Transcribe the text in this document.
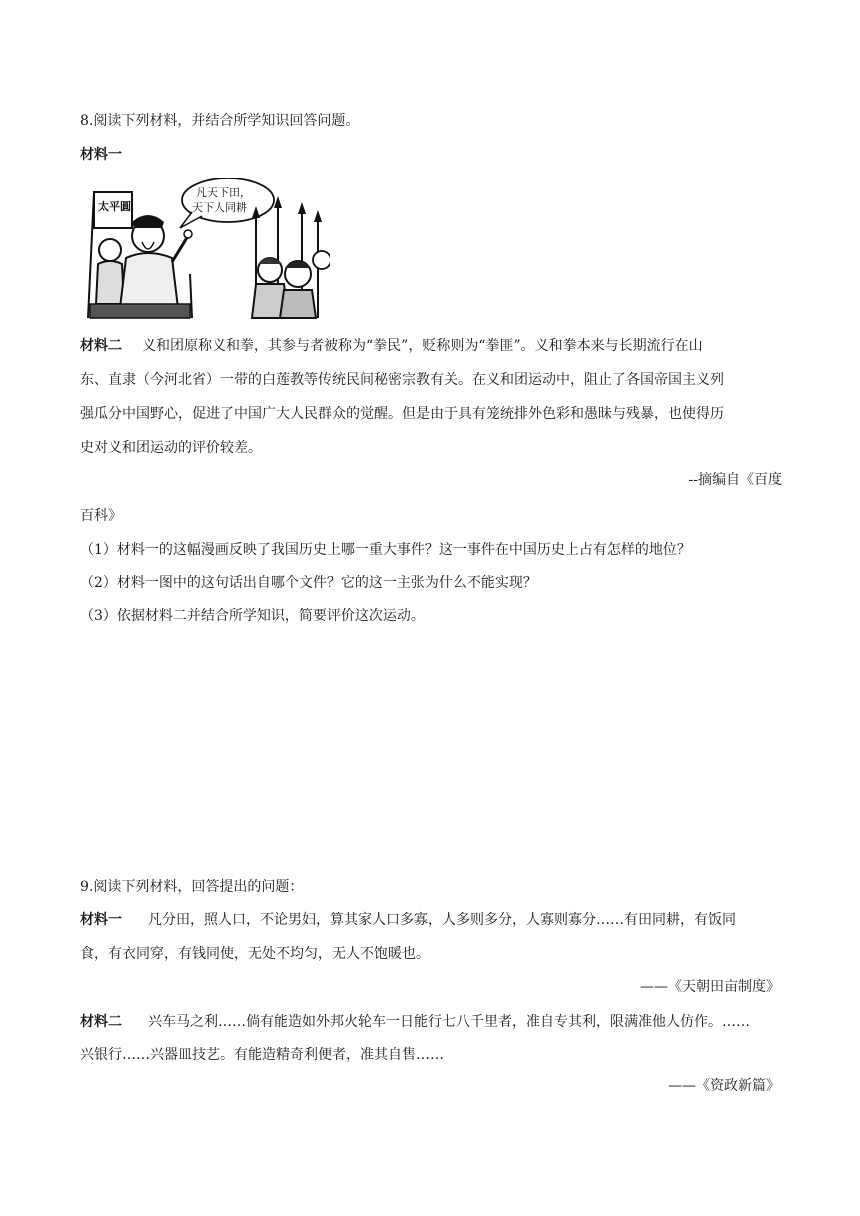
8.阅读下列材料，并结合所学知识回答问题。
材料一
太平圓
凡天下田，
天下人同耕
材料二 义和团原称义和拳，其参与者被称为“拳民”，贬称则为“拳匪”。义和拳本来与长期流行在山
东、直隶（今河北省）一带的白莲教等传统民间秘密宗教有关。在义和团运动中，阻止了各国帝国主义列
强瓜分中国野心，促进了中国广大人民群众的觉醒。但是由于具有笼统排外色彩和愚昧与残暴，也使得历
史对义和团运动的评价较差。
--摘编自《百度
百科》
（1）材料一的这幅漫画反映了我国历史上哪一重大事件？这一事件在中国历史上占有怎样的地位？
（2）材料一图中的这句话出自哪个文件？它的这一主张为什么不能实现？
（3）依据材料二并结合所学知识，简要评价这次运动。
9.阅读下列材料，回答提出的问题：
材料一 凡分田，照人口，不论男妇，算其家人口多寡，人多则多分，人寡则寡分……有田同耕，有饭同
食，有衣同穿，有钱同使，无处不均匀，无人不饱暖也。
——《天朝田亩制度》
材料二 兴车马之利……倘有能造如外邦火轮车一日能行七八千里者，准自专其利，限满准他人仿作。……
兴银行……兴器皿技艺。有能造精奇利便者，准其自售……
——《资政新篇》
